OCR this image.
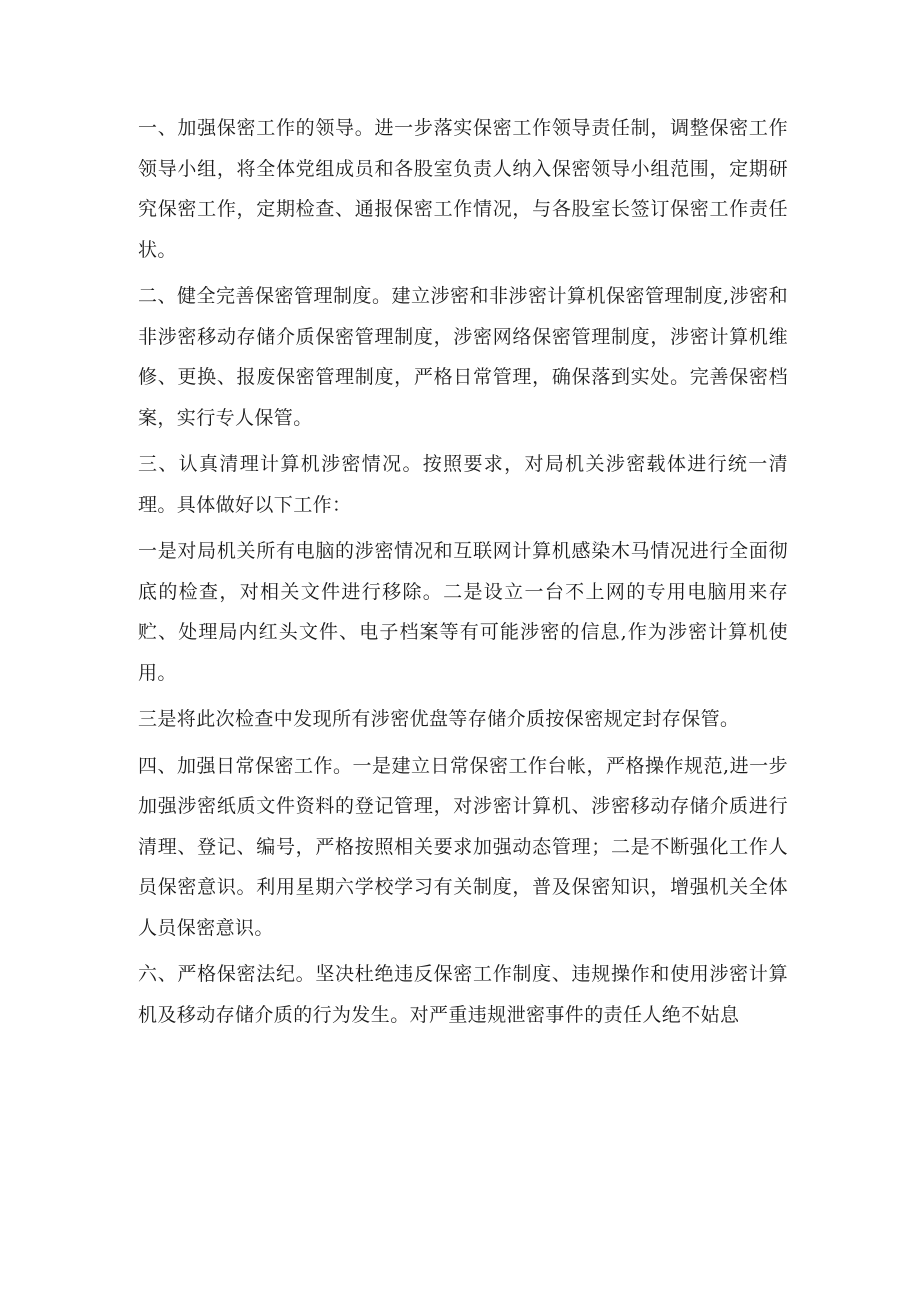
一、加强保密工作的领导。进一步落实保密工作领导责任制，调整保密工作领导小组，将全体党组成员和各股室负责人纳入保密领导小组范围，定期研究保密工作，定期检查、通报保密工作情况，与各股室长签订保密工作责任状。

二、健全完善保密管理制度。建立涉密和非涉密计算机保密管理制度,涉密和非涉密移动存储介质保密管理制度，涉密网络保密管理制度，涉密计算机维修、更换、报废保密管理制度，严格日常管理，确保落到实处。完善保密档案，实行专人保管。

三、认真清理计算机涉密情况。按照要求，对局机关涉密载体进行统一清理。具体做好以下工作：

一是对局机关所有电脑的涉密情况和互联网计算机感染木马情况进行全面彻底的检查，对相关文件进行移除。二是设立一台不上网的专用电脑用来存贮、处理局内红头文件、电子档案等有可能涉密的信息,作为涉密计算机使用。

三是将此次检查中发现所有涉密优盘等存储介质按保密规定封存保管。

四、加强日常保密工作。一是建立日常保密工作台帐，严格操作规范,进一步加强涉密纸质文件资料的登记管理，对涉密计算机、涉密移动存储介质进行清理、登记、编号，严格按照相关要求加强动态管理；二是不断强化工作人员保密意识。利用星期六学校学习有关制度，普及保密知识，增强机关全体人员保密意识。

六、严格保密法纪。坚决杜绝违反保密工作制度、违规操作和使用涉密计算机及移动存储介质的行为发生。对严重违规泄密事件的责任人绝不姑息
